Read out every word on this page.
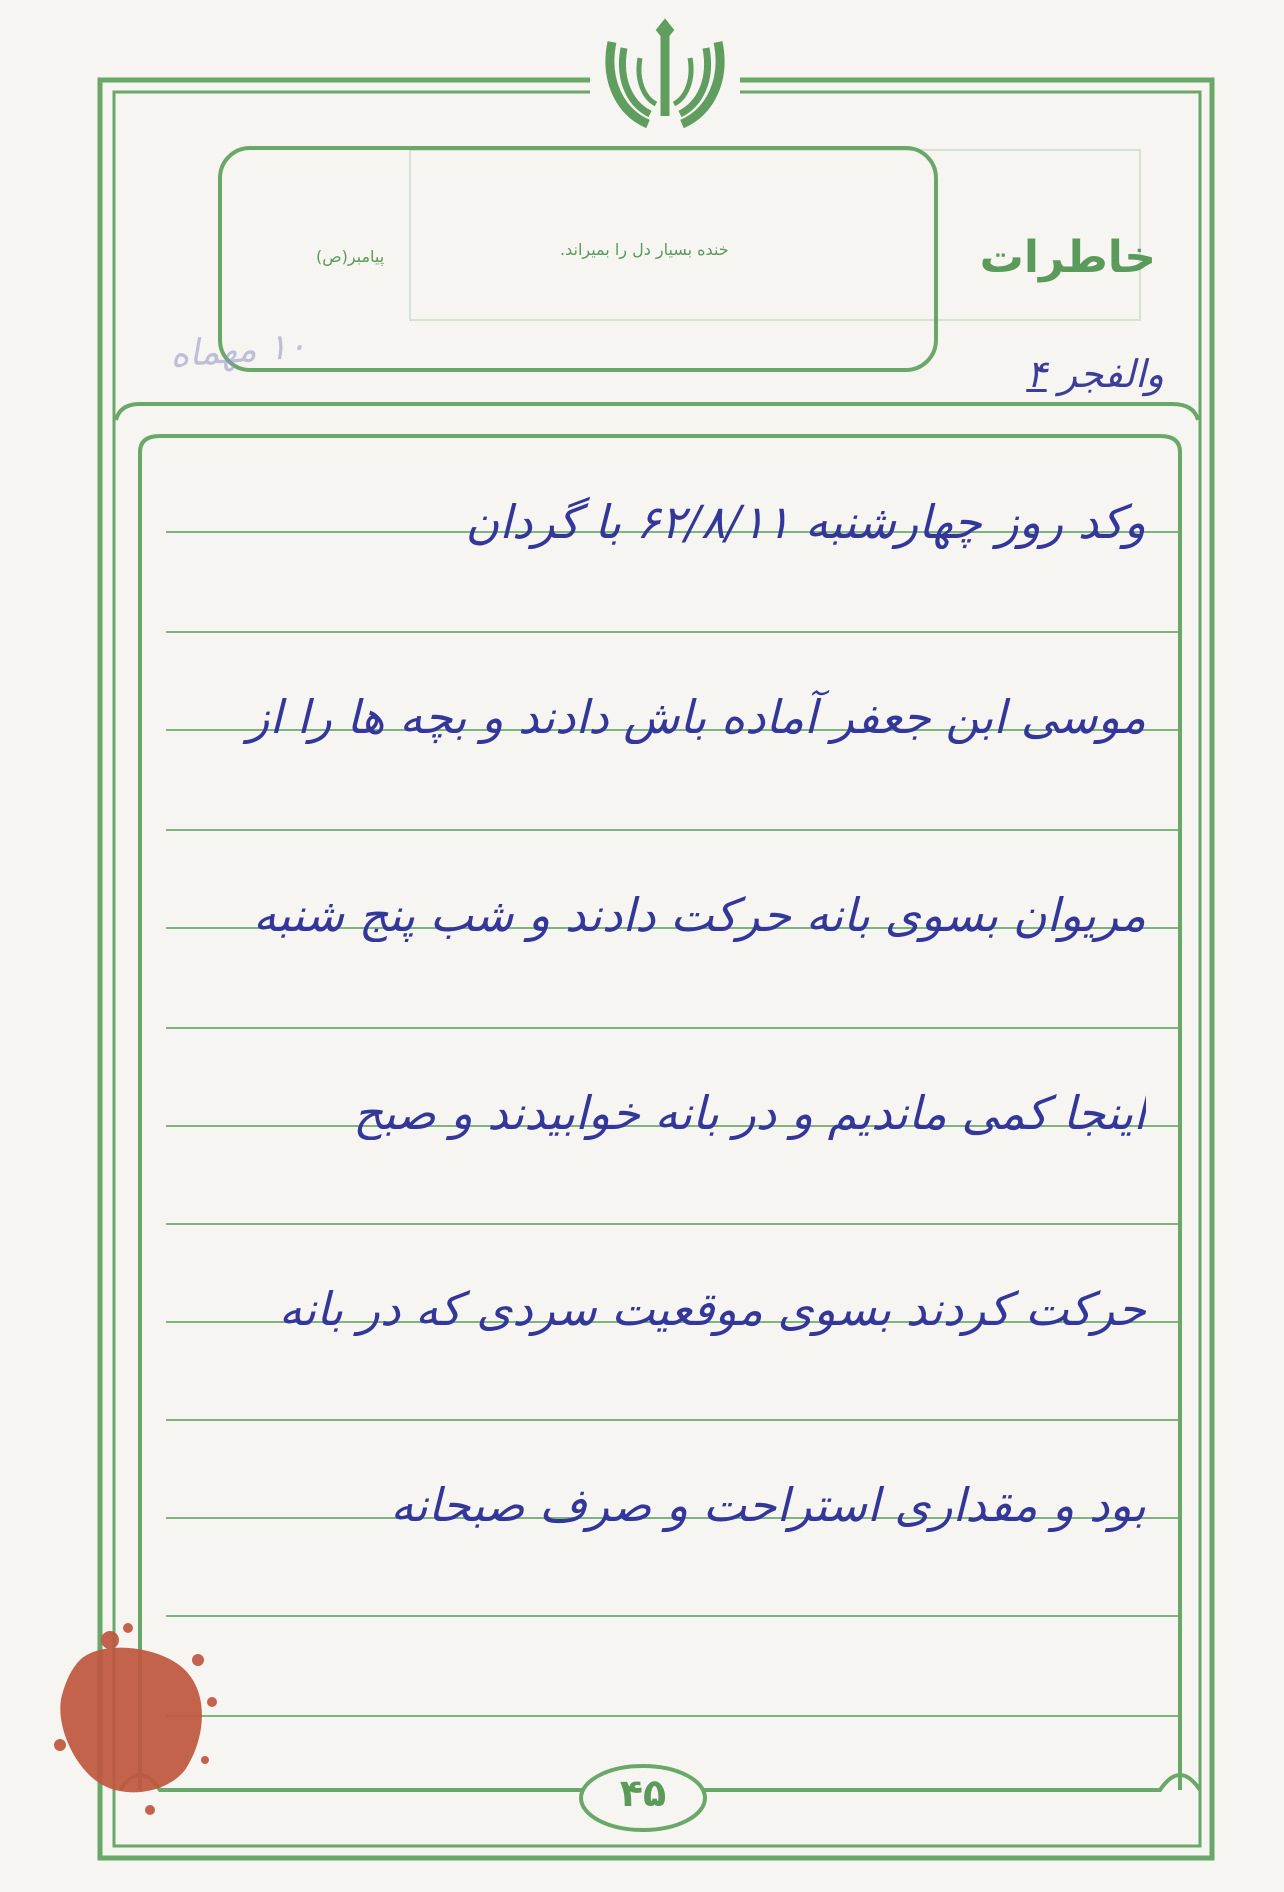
خاطرات
خنده بسیار دل را بمیراند.
پیامبر(ص)
۱۰ مهماه
والفجر ۴
وکد روز چهارشنبه ۶۲/۸/۱۱ با گردان
موسی ابن جعفر آماده باش دادند و بچه ها را از
مریوان بسوی بانه حرکت دادند و شب پنج شنبه
اینجا کمی ماندیم و در بانه خوابیدند و صبح
حرکت کردند بسوی موقعیت سردی که در بانه
بود و مقداری استراحت و صرف صبحانه
۴۵
